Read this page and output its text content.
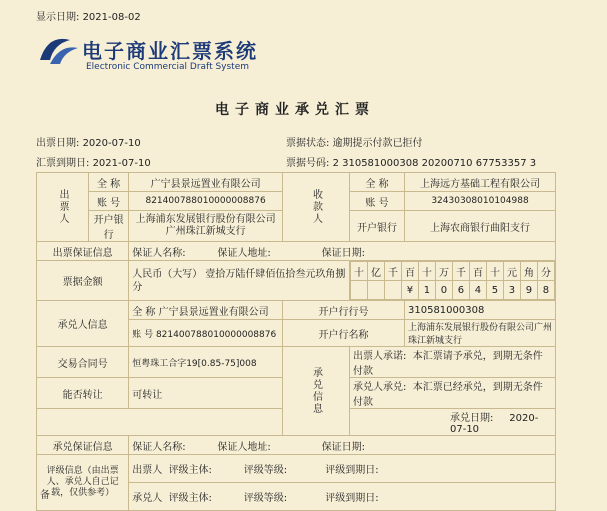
显示日期: 2021-08-02
电子商业汇票系统
Electronic Commercial Draft System
电子商业承兑汇票
出票日期: 2020-07-10	票据状态: 逾期提示付款已拒付
汇票到期日: 2021-07-10	票据号码: 2 310581000308 20200710 67753357 3
出票人	全 称	广宁县景远置业有限公司	收款人	全 称	上海远方基础工程有限公司
账 号	821400788010000008876	账 号	32430308010104988
开户银行	上海浦东发展银行股份有限公司广州珠江新城支行	开户银行	上海农商银行曲阳支行
出票保证信息	保证人名称:	保证人地址:	保证日期:
票据金额	人民币（大写） 壹拾万陆仟肆佰伍拾叁元玖角捌分	
十	亿	千	百	十	万	千	百	十	元	角	分
			¥	1	0	6	4	5	3	9	8

承兑人信息	全 称 广宁县景远置业有限公司	开户行行号	310581000308
账 号 821400788010000008876	开户行名称	上海浦东发展银行股份有限公司广州珠江新城支行
交易合同号	恒粤珠工合字19[0.85-75]008	承兑信息	出票人承诺: 本汇票请予承兑，到期无条件付款
能否转让	可转让	承兑人承兑: 本汇票已经承兑，到期无条件付款
	承兑日期: 2020-07-10
承兑保证信息	保证人名称:	保证人地址:	保证日期:
评级信息（由出票人、承兑人自己记载，仅供参考）	出票人 评级主体:	评级等级:	评级到期日:
承兑人 评级主体:	评级等级:	评级到期日:
备
